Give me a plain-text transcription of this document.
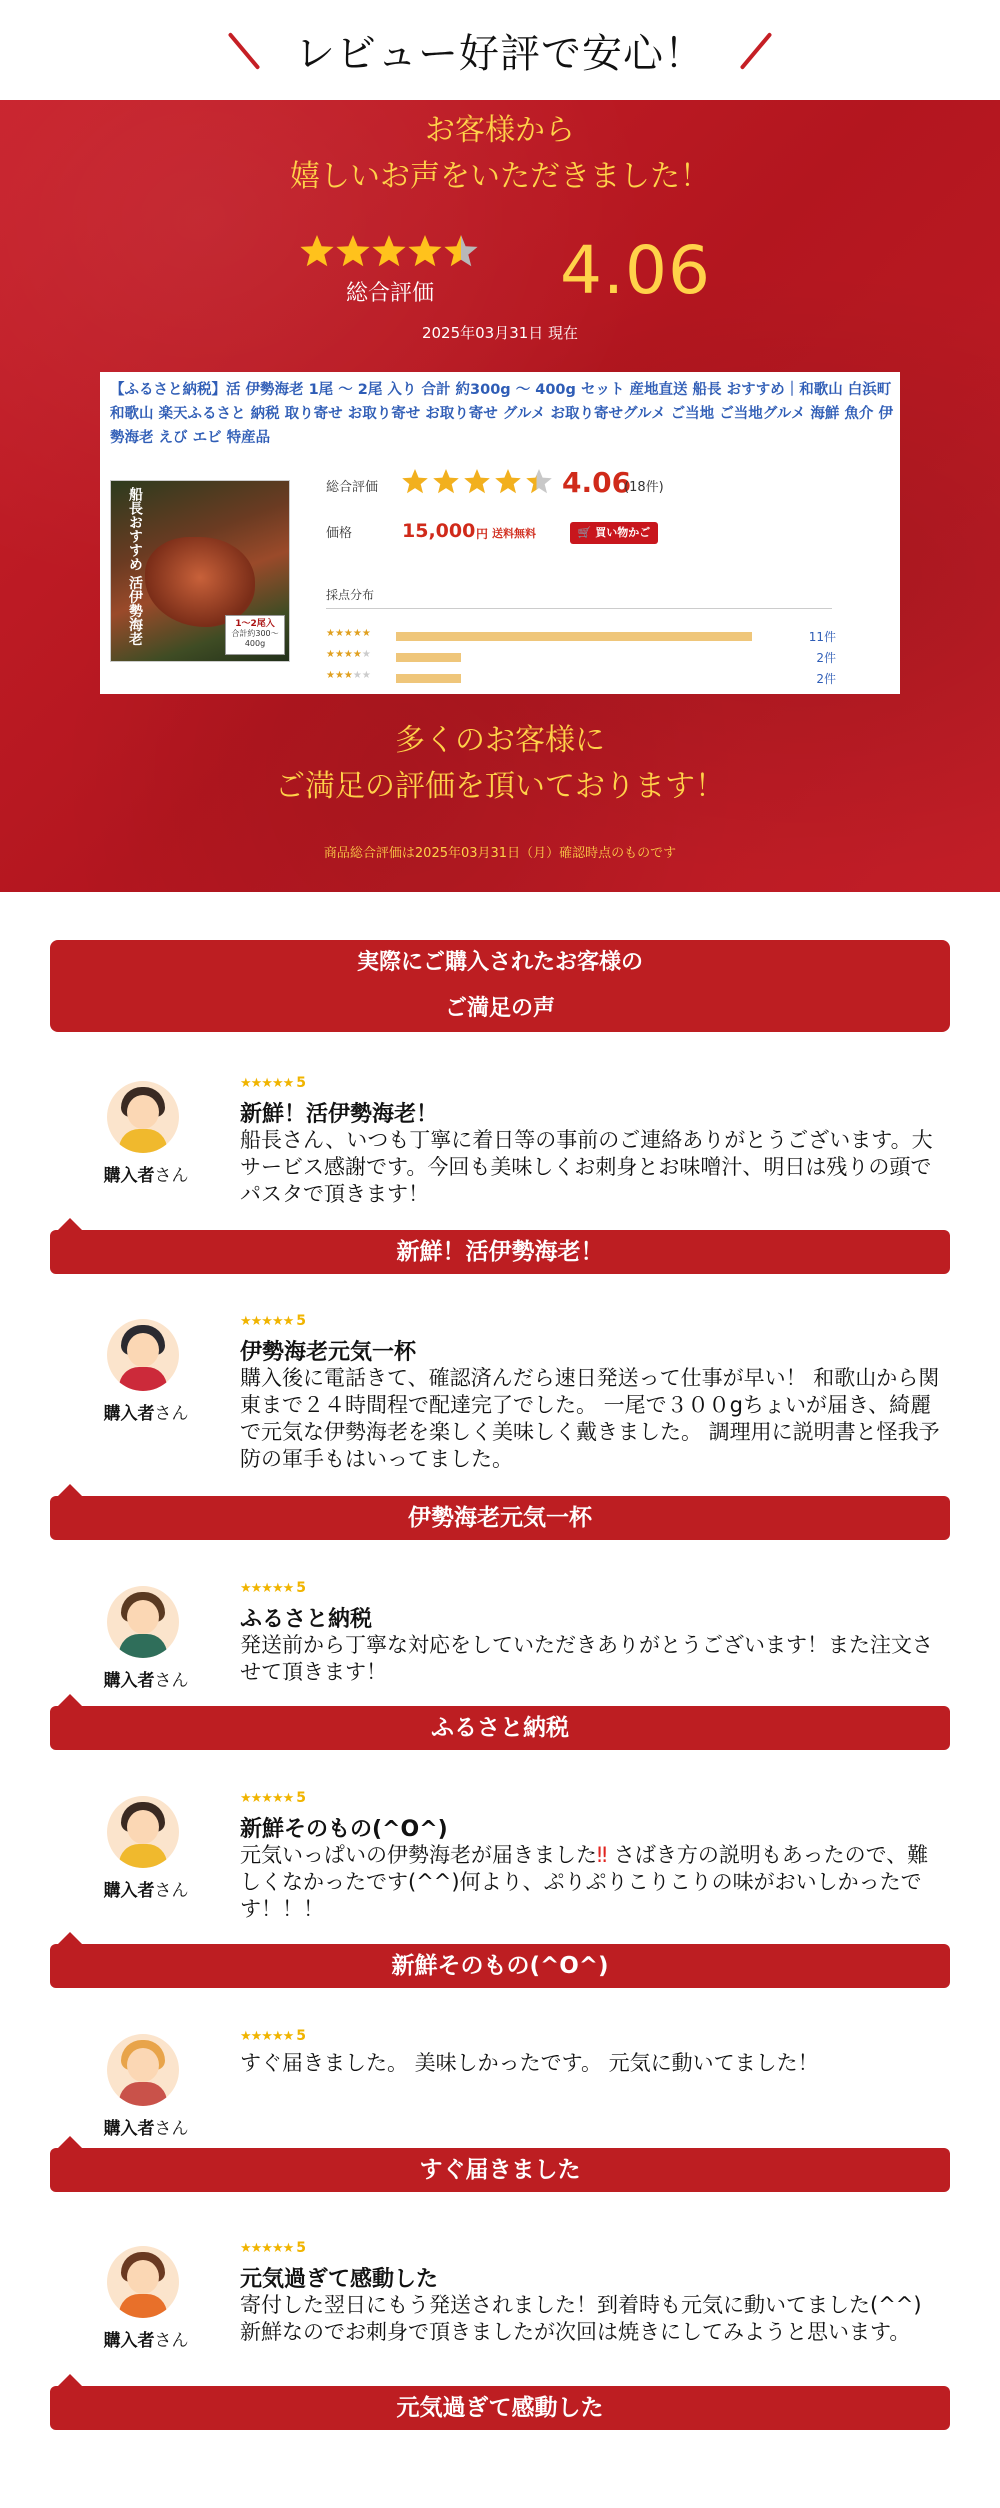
レビュー好評で安心！
お客様から
嬉しいお声をいただきました！
総合評価	4.06
2025年03月31日 現在
【ふるさと納税】活 伊勢海老 1尾 ～ 2尾 入り 合計 約300g ～ 400g セット 産地直送 船長 おすすめ｜和歌山 白浜町 和歌山 楽天ふるさと 納税 取り寄せ お取り寄せ お取り寄せ グルメ お取り寄せグルメ ご当地 ご当地グルメ 海鮮 魚介 伊勢海老 えび エビ 特産品
船長おすすめ 活伊勢海老	1〜2尾入
合計約300〜400g
総合評価	4.06
(18件)
価格	15,000 円 送料無料	🛒 買い物かご
採点分布
★★★★★	11件
★★★★★	2件
★★★★★	2件
多くのお客様に
ご満足の評価を頂いております！
商品総合評価は2025年03月31日（月）確認時点のものです
実際にご購入されたお客様の
ご満足の声
購入者さん
★★★★★ 5
新鮮！活伊勢海老！
船長さん、いつも丁寧に着日等の事前のご連絡ありがとうございます。大サービス感謝です。今回も美味しくお刺身とお味噌汁、明日は残りの頭でパスタで頂きます！
新鮮！活伊勢海老！
購入者さん
★★★★★ 5
伊勢海老元気一杯
購入後に電話きて、確認済んだら速日発送って仕事が早い！ 和歌山から関東まで２４時間程で配達完了でした。 一尾で３００gちょいが届き、綺麗で元気な伊勢海老を楽しく美味しく戴きました。 調理用に説明書と怪我予防の軍手もはいってました。
伊勢海老元気一杯
購入者さん
★★★★★ 5
ふるさと納税
発送前から丁寧な対応をしていただきありがとうございます！また注文させて頂きます！
ふるさと納税
購入者さん
★★★★★ 5
新鮮そのもの(^O^)
元気いっぱいの伊勢海老が届きました‼ さばき方の説明もあったので、難しくなかったです(^^)何より、ぷりぷりこりこりの味がおいしかったです！！！
新鮮そのもの(^O^)
購入者さん
★★★★★ 5
すぐ届きました。 美味しかったです。 元気に動いてました！
すぐ届きました
購入者さん
★★★★★ 5
元気過ぎて感動した
寄付した翌日にもう発送されました！到着時も元気に動いてました(^^)新鮮なのでお刺身で頂きましたが次回は焼きにしてみようと思います。
元気過ぎて感動した
